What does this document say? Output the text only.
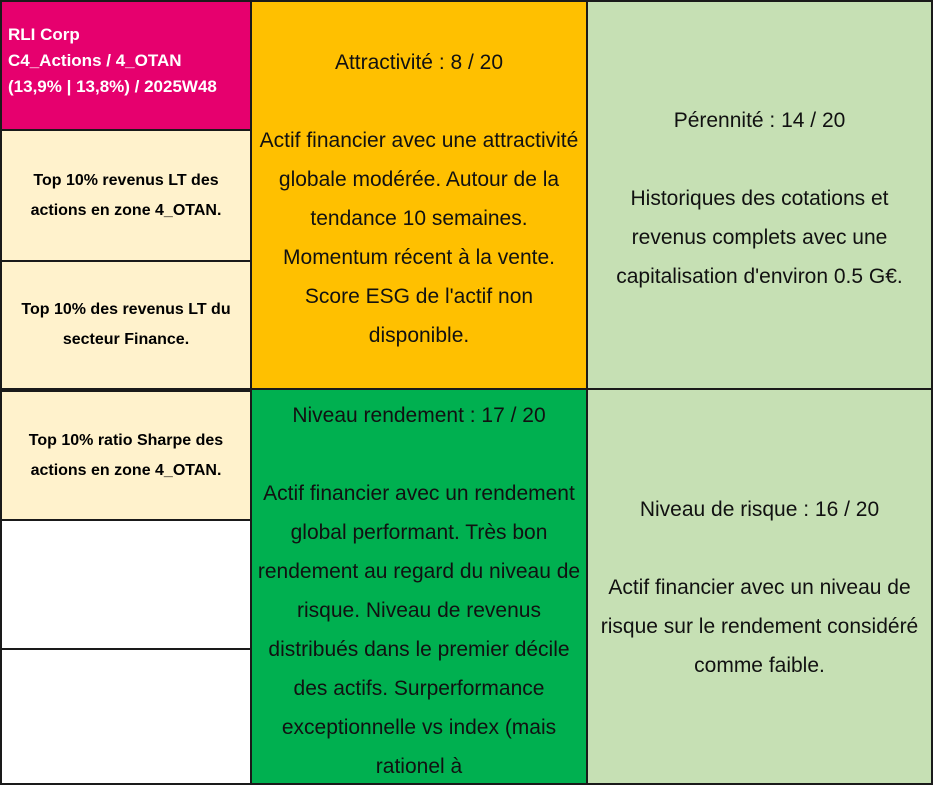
RLI Corp
C4_Actions / 4_OTAN
(13,9% | 13,8%) / 2025W48
Top 10% revenus LT des actions en zone 4_OTAN.
Top 10% des revenus LT du secteur Finance.
Top 10% ratio Sharpe des actions en zone 4_OTAN.
Attractivité : 8 / 20
Actif financier avec une attractivité globale modérée. Autour de la tendance 10 semaines. Momentum récent à la vente. Score ESG de l'actif non disponible.
Pérennité : 14 / 20
Historiques des cotations et revenus complets avec une capitalisation d'environ 0.5 G€.
Niveau rendement : 17 / 20
Actif financier avec un rendement global performant. Très bon rendement au regard du niveau de risque. Niveau de revenus distribués dans le premier décile des actifs. Surperformance exceptionnelle vs index (mais rationel à
Niveau de risque : 16 / 20
Actif financier avec un niveau de risque sur le rendement considéré comme faible.
